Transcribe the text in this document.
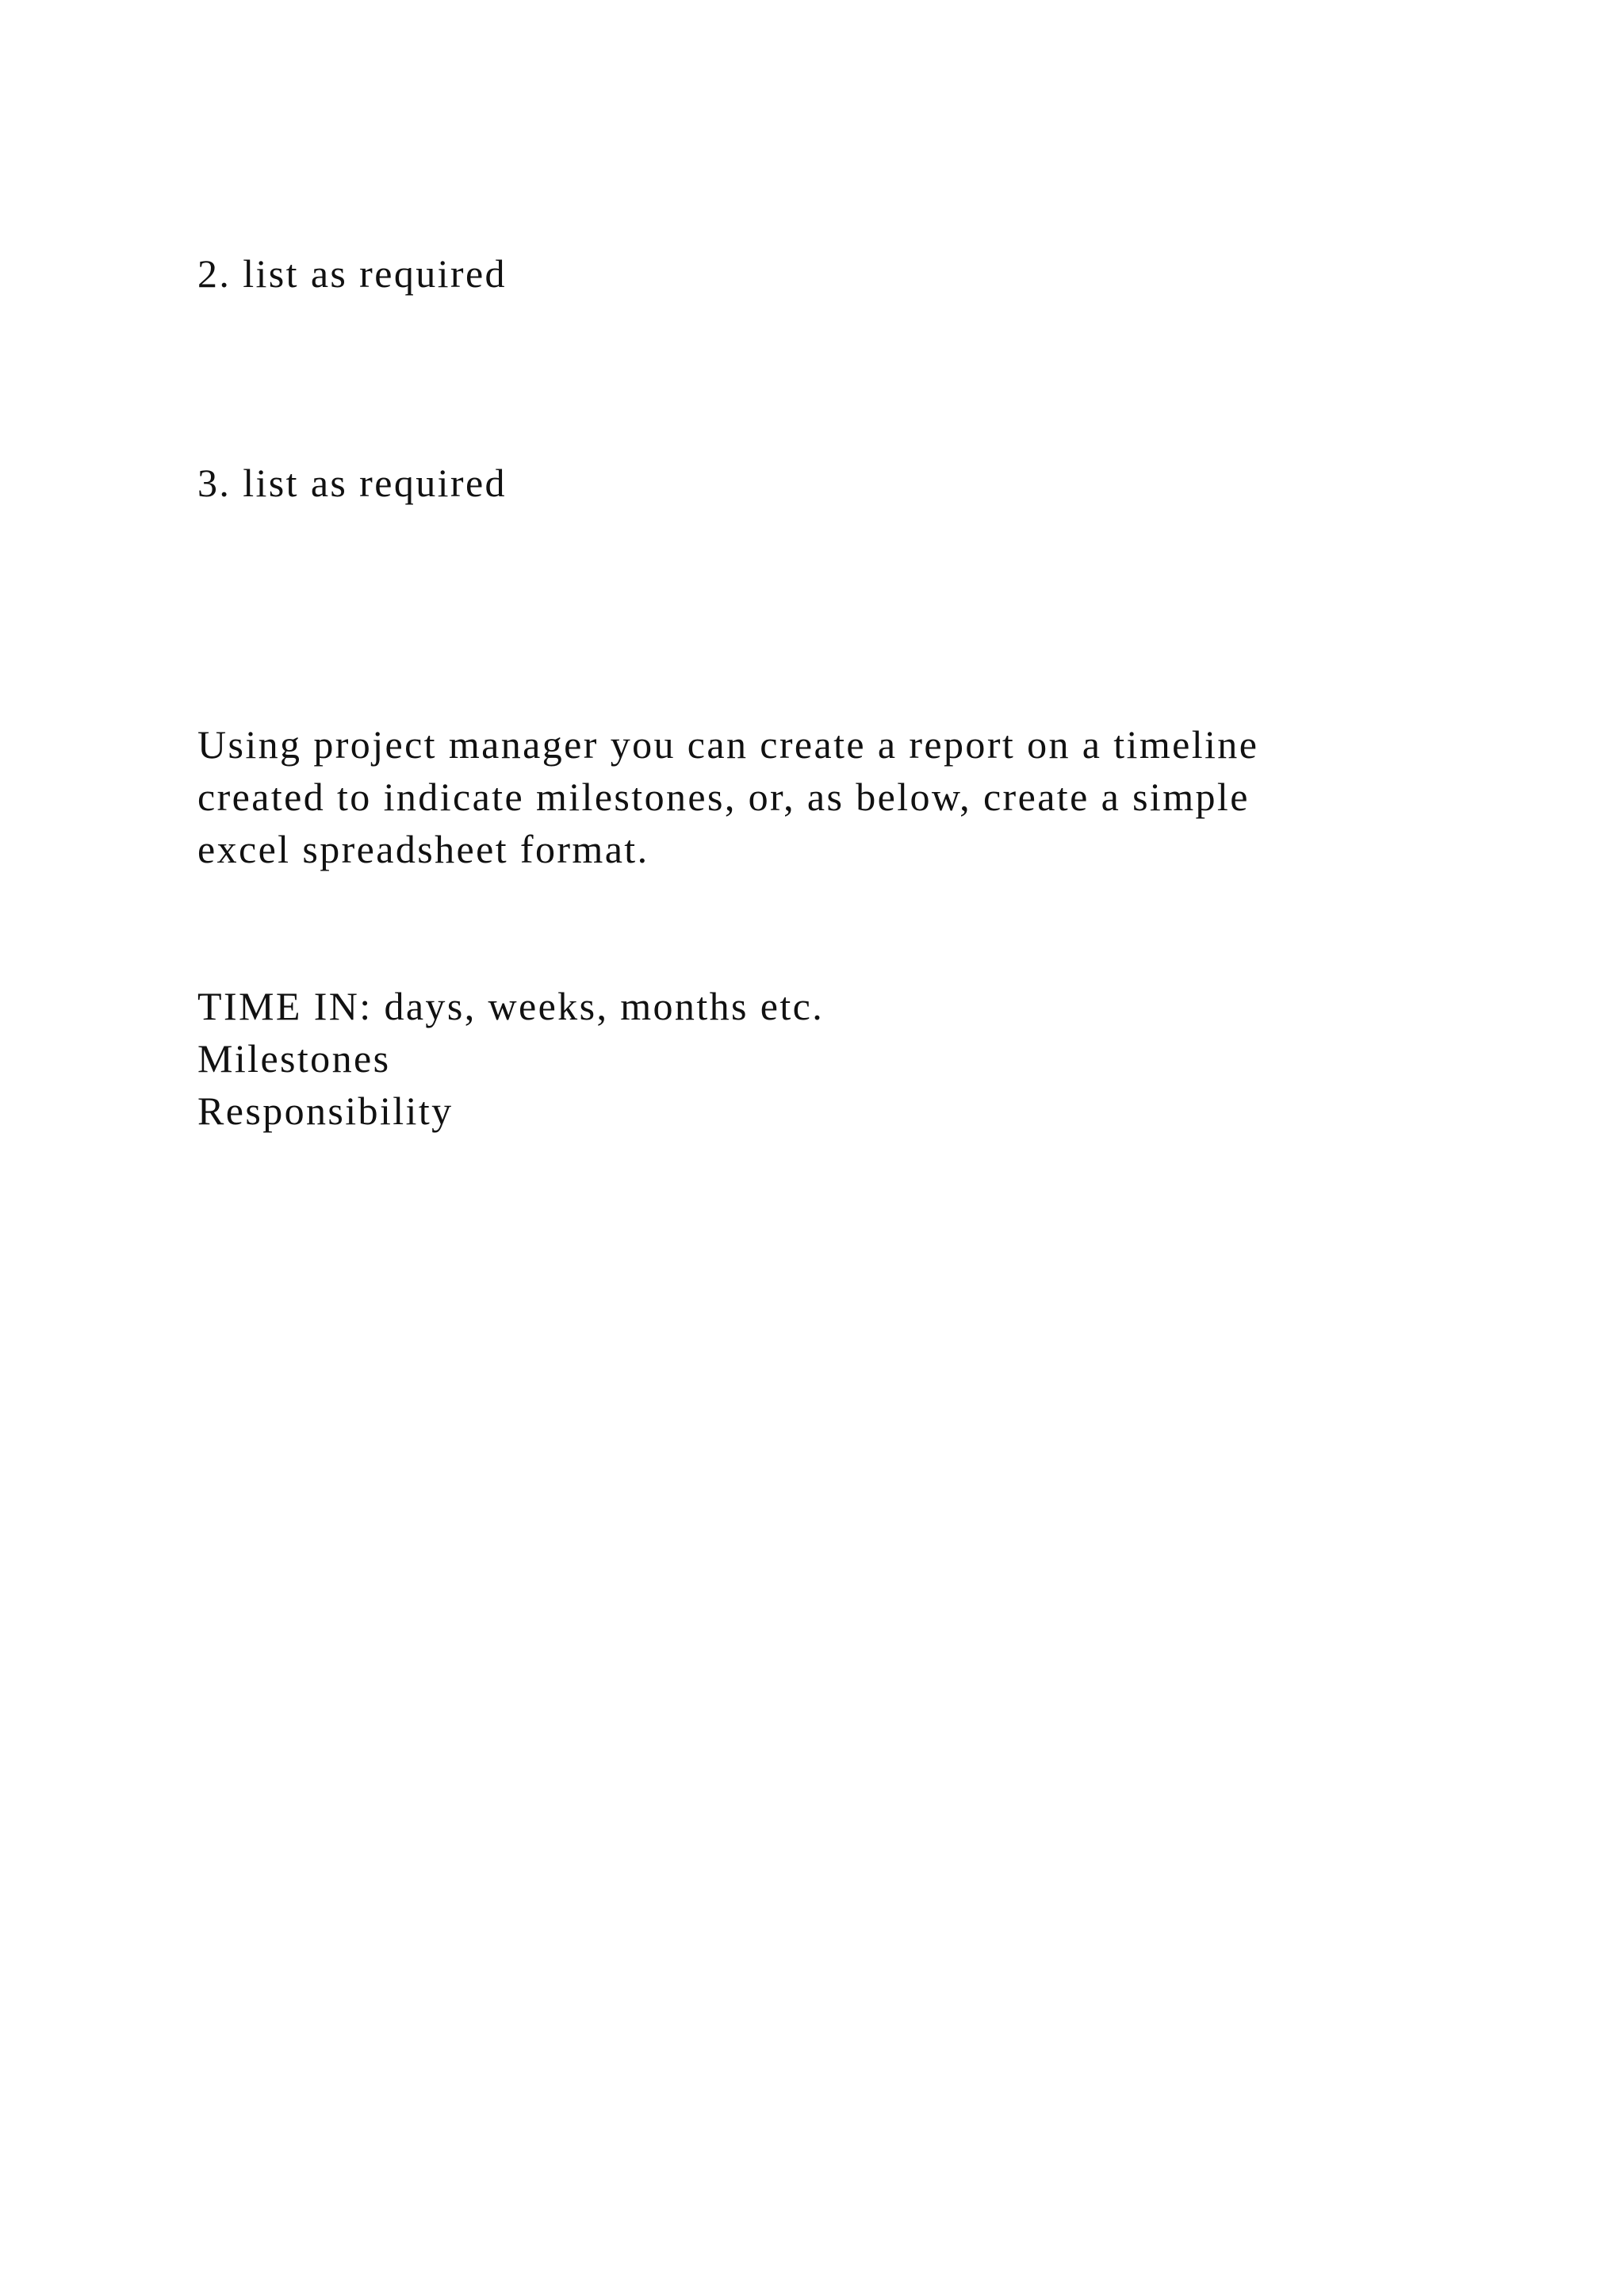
2. list as required

3. list as required

Using project manager you can create a report on a timeline
created to indicate milestones, or, as below, create a simple
excel spreadsheet format.
TIME IN: days, weeks, months etc.
Milestones
Responsibility
